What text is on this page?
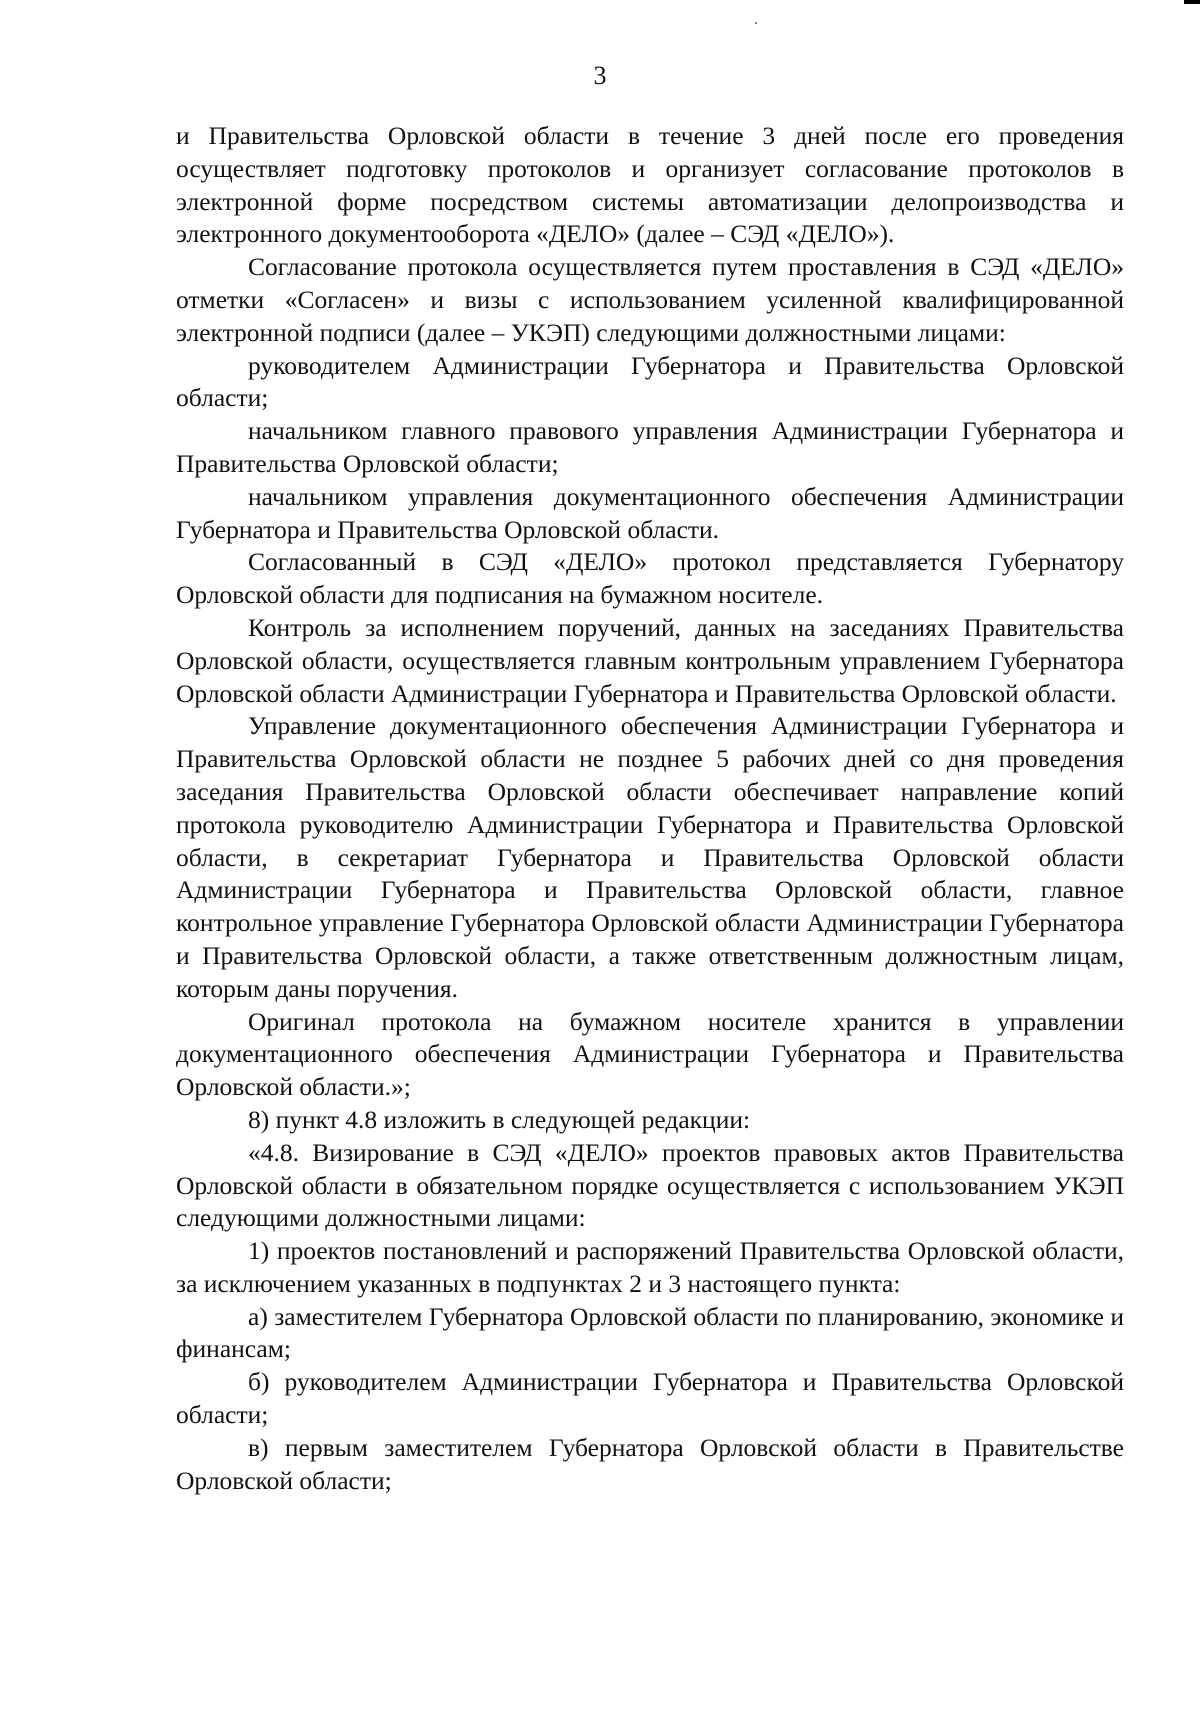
3

и Правительства Орловской области в течение 3 дней после его проведения осуществляет подготовку протоколов и организует согласование протоколов в электронной форме посредством системы автоматизации делопроизводства и электронного документооборота «ДЕЛО» (далее – СЭД «ДЕЛО»).

Согласование протокола осуществляется путем проставления в СЭД «ДЕЛО» отметки «Согласен» и визы с использованием усиленной квалифицированной электронной подписи (далее – УКЭП) следующими должностными лицами:

руководителем Администрации Губернатора и Правительства Орловской области;

начальником главного правового управления Администрации Губернатора и Правительства Орловской области;

начальником управления документационного обеспечения Администрации Губернатора и Правительства Орловской области.

Согласованный в СЭД «ДЕЛО» протокол представляется Губернатору Орловской области для подписания на бумажном носителе.

Контроль за исполнением поручений, данных на заседаниях Правительства Орловской области, осуществляется главным контрольным управлением Губернатора Орловской области Администрации Губернатора и Правительства Орловской области.

Управление документационного обеспечения Администрации Губернатора и Правительства Орловской области не позднее 5 рабочих дней со дня проведения заседания Правительства Орловской области обеспечивает направление копий протокола руководителю Администрации Губернатора и Правительства Орловской области, в секретариат Губернатора и Правительства Орловской области Администрации Губернатора и Правительства Орловской области, главное контрольное управление Губернатора Орловской области Администрации Губернатора и Правительства Орловской области, а также ответственным должностным лицам, которым даны поручения.

Оригинал протокола на бумажном носителе хранится в управлении документационного обеспечения Администрации Губернатора и Правительства Орловской области.»;

8) пункт 4.8 изложить в следующей редакции:

«4.8. Визирование в СЭД «ДЕЛО» проектов правовых актов Правительства Орловской области в обязательном порядке осуществляется с использованием УКЭП следующими должностными лицами:

1) проектов постановлений и распоряжений Правительства Орловской области, за исключением указанных в подпунктах 2 и 3 настоящего пункта:

а) заместителем Губернатора Орловской области по планированию, экономике и финансам;

б) руководителем Администрации Губернатора и Правительства Орловской области;

в) первым заместителем Губернатора Орловской области в Правительстве Орловской области;
